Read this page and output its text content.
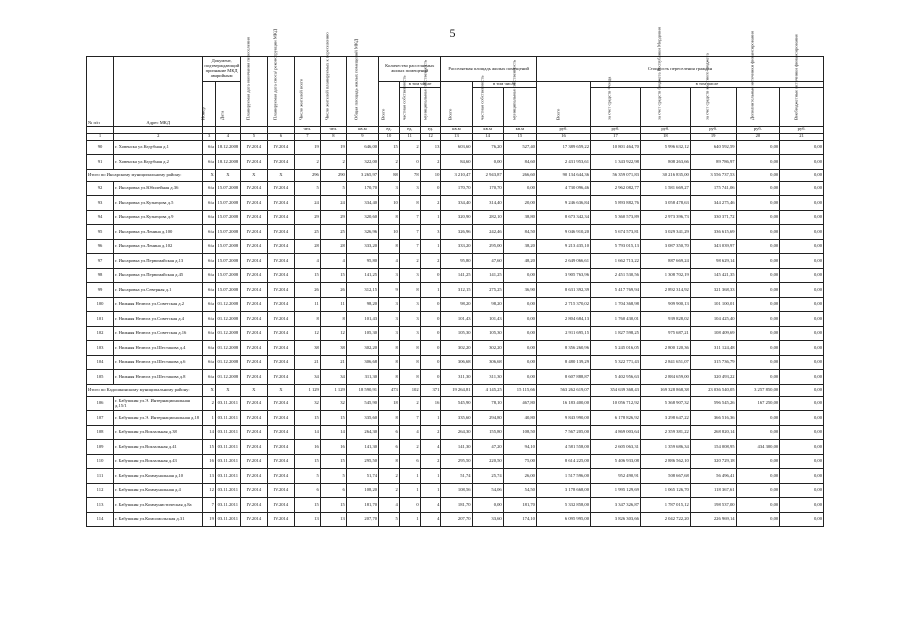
5
№ п/п	Адрес МКД	Документ, подтверждающий признание МКД аварийным		Планируемая дата окончания переселения	Планируемая дата сноса/ реконструкции МКД	Число жителей всего	Число жителей планируемых к переселению	Общая площадь жилых помещений МКД	Количество расселяемых жилых помещений			Расселяемая площадь жилых помещений			Стоимость переселения граждан					

		Номер	Дата						Всего	в том числе		Всего	в том числе		Всего	в том числе				

										частная собственность	муниципальная собственность		частная собственность	муниципальная собственность		за счет средств Фонда	за счет средств бюджета Республики Мордовия	за счет средств местного бюджета	Дополнительные источники финансирования	Внебюджетные источники финансирования

						чел.	чел.	кв.м	ед.	ед.	ед.	кв.м	кв.м	кв.м	руб.	руб.	руб.	руб.	руб.	руб.
1	2	3	4	5	6	7	8	9	10	11	12	13	14	15	16	17	18	19	20	21
90	г. Ховенска ул.Кедубная д.1	б/н	18.12.2008	IV.2014	IV.2014	19	19	646,00	15	2	13	603,60	76,20	527,40	17 389 659,22	10 801 464,70	5 996 632,12	640 592,59	0,00	0,00
91	г. Ховенска ул.Кедубная д.2	б/н	18.12.2008	IV.2014	IV.2014	2	2	322,00	2	0	2	84,60	0,00	84,60	2 431 953,61	1 343 922,98	808 263,66	89 786,97	0,00	0,00
Итого по Инсарскому муниципальному району:		X	X	X	X	296	290	3 265,97	88	78	10	3 210,47	2 943,87	266,60	90 134 644,36	56 359 071,83	30 216 835,00	3 556 737,53	0,00	0,00
92	г. Инсаровка ул.Юбилейная д.36	б/н	15.07.2008	IV.2014	IV.2014	5	5	170,70	3	3	0	170,70	170,70	0,00	4 730 096,46	2 962 082,77	1 581 669,27	175 741,06	0,00	0,00
93	г. Инсаровка ул.Кузнецова д.5	б/н	15.07.2008	IV.2014	IV.2014	24	24	334,40	10	8	2	334,40	314,40	20,00	9 246 636,84	5 893 882,76	3 058 478,63	344 275,46	0,00	0,00
94	г. Инсаровка ул.Кузнецова д.9	б/н	15.07.2008	IV.2014	IV.2014	29	29	320,60	8	7	1	320,90	282,10	38,80	8 673 342,34	5 360 573,89	2 973 396,73	330 371,72	0,00	0,00
95	г. Инсаровка ул.Ленина д.100	б/н	15.07.2008	IV.2014	IV.2014	25	25	326,96	10	7	3	326,96	242,46	84,50	9 046 910,20	5 674 573,81	3 029 341,29	336 615,69	0,00	0,00
96	г. Инсаровка ул.Ленина д.102	б/н	15.07.2008	IV.2014	IV.2014	28	28	333,20	8	7	1	333,20	295,00	38,20	9 213 435,10	5 793 015,13	3 087 350,70	343 039,97	0,00	0,00
97	г. Инсаровка ул.Первомайская д.13	б/н	15.07.2008	IV.2014	IV.2014	4	4	95,80	4	2	2	95,80	47,60	48,20	2 649 066,61	1 662 713,22	887 669,24	98 629,14	0,00	0,00
98	г. Инсаровка ул.Первомайская д.45	б/н	15.07.2008	IV.2014	IV.2014	15	15	141,25	3	3	0	141,25	141,25	0,00	3 905 763,96	2 451 530,56	1 308 702,19	145 421,35	0,00	0,00
99	г. Инсаровка ул.Северная д.1	б/н	15.07.2008	IV.2014	IV.2014	26	26	312,15	9	8	1	312,15	275,25	36,90	8 631 392,39	5 417 769,94	2 892 314,92	321 368,33	0,00	0,00
100	г. Нижняя Нелюга ул.Советская д.2	б/н	01.12.2008	IV.2014	IV.2014	11	11	98,20	3	3	0	98,20	98,20	0,00	2 715 370,02	1 704 368,98	909 900,13	101 100,01	0,00	0,00
101	г. Нижняя Нелюга ул.Советская д.4	б/н	01.12.2008	IV.2014	IV.2014	8	8	101,43	3	3	0	101,43	101,43	0,00	2 804 684,13	1 760 430,01	939 828,02	104 425,40	0,00	0,00
102	г. Нижняя Нелюга ул.Советская д.16	б/н	01.12.2008	IV.2014	IV.2014	12	12	105,30	3	3	0	105,30	105,30	0,00	2 911 695,15	1 827 598,25	975 687,21	108 409,69	0,00	0,00
103	г. Нижняя Нелюга ул.Шестакова д.4	б/н	01.12.2008	IV.2014	IV.2014	38	38	302,20	8	8	0	302,20	302,20	0,00	8 356 260,96	5 245 016,05	2 800 120,36	311 124,48	0,00	0,00
104	г. Нижняя Нелюга ул.Шестакова д.6	б/н	01.12.2008	IV.2014	IV.2014	21	21	306,68	8	8	0	306,68	306,68	0,00	8 480 139,29	5 322 771,43	2 841 651,07	315 736,79	0,00	0,00
105	г. Нижняя Нелюга ул.Шестакова д.8	б/н	01.12.2008	IV.2014	IV.2014	34	34	311,30	8	8	0	311,30	311,30	0,00	8 607 888,87	5 402 956,63	2 884 659,00	320 493,22	0,00	0,00
Итого по Кадошкинскому муниципальному району:		X	X	X	X	1 129	1 129	18 590,91	473	102	371	19 264,81	4 145,25	15 115,66	563 262 619,07	354 639 368,43	169 328 868,38	23 036 540,05	3 257 850,00	0,00
106	г. Бабушкин ул.Э. Интернациональная д.15/1	2	03.11.2011	IV.2014	IV.2014	32	32	545,90	18	2	16	545,90	78,10	467,80	16 183 400,00	10 056 712,92	5 368 907,32	596 545,26	167 250,00	0,00
107	г. Бабушкин ул.Э. Интернациональная д.18	1	03.11.2011	IV.2014	IV.2014	15	15	335,60	8	7	1	335,60	294,80	40,80	9 843 990,00	6 178 826,92	3 298 647,22	366 516,36	0,00	0,00
108	г. Бабушкин ул.Вокзальная д.38	14	03.11.2011	IV.2014	IV.2014	14	14	264,30	6	4	2	264,30	155,80	108,50	7 567 205,00	4 869 003,64	2 359 381,22	268 820,14	0,00	0,00
109	г. Бабушкин ул.Вокзальная д.41	15	03.11.2011	IV.2014	IV.2014	16	16	141,30	6	2	4	141,30	47,20	94,10	4 581 558,00	2 605 063,31	1 359 686,34	154 008,95	434 300,00	0,00
110	г. Бабушкин ул.Вокзальная д.43	16	03.11.2011	IV.2014	IV.2014	15	15	295,50	8	6	2	295,50	220,50	75,00	8 614 225,00	5 406 933,08	2 886 562,10	320 729,18	0,00	0,00
111	г. Бабушкин ул.Коммунальная д.10	13	03.11.2011	IV.2014	IV.2014	5	5	51,74	2	1	1	51,74	25,74	26,00	1 517 596,00	952 490,91	508 667,68	56 496,41	0,00	0,00
112	г. Бабушкин ул.Коммунальная д.4	12	03.11.2011	IV.2014	IV.2014	6	6	108,20	2	1	1	108,56	54,06	54,50	3 178 668,00	1 995 129,69	1 065 126,70	118 367,61	0,00	0,00
113	г. Бабушкин ул.Коммунистическая д.8а	7	03.11.2011	IV.2014	IV.2014	15	15	181,70	4	0	4	181,70	0,00	181,70	5 332 858,00	3 347 326,87	1 787 015,12	198 537,00	0,00	0,00
114	г. Бабушкин ул.Комсомольская д.31	19	03.11.2011	IV.2014	IV.2014	13	13	207,70	5	1	4	207,70	33,60	174,10	6 095 995,00	3 826 303,66	2 042 722,20	226 969,14	0,00	0,00
